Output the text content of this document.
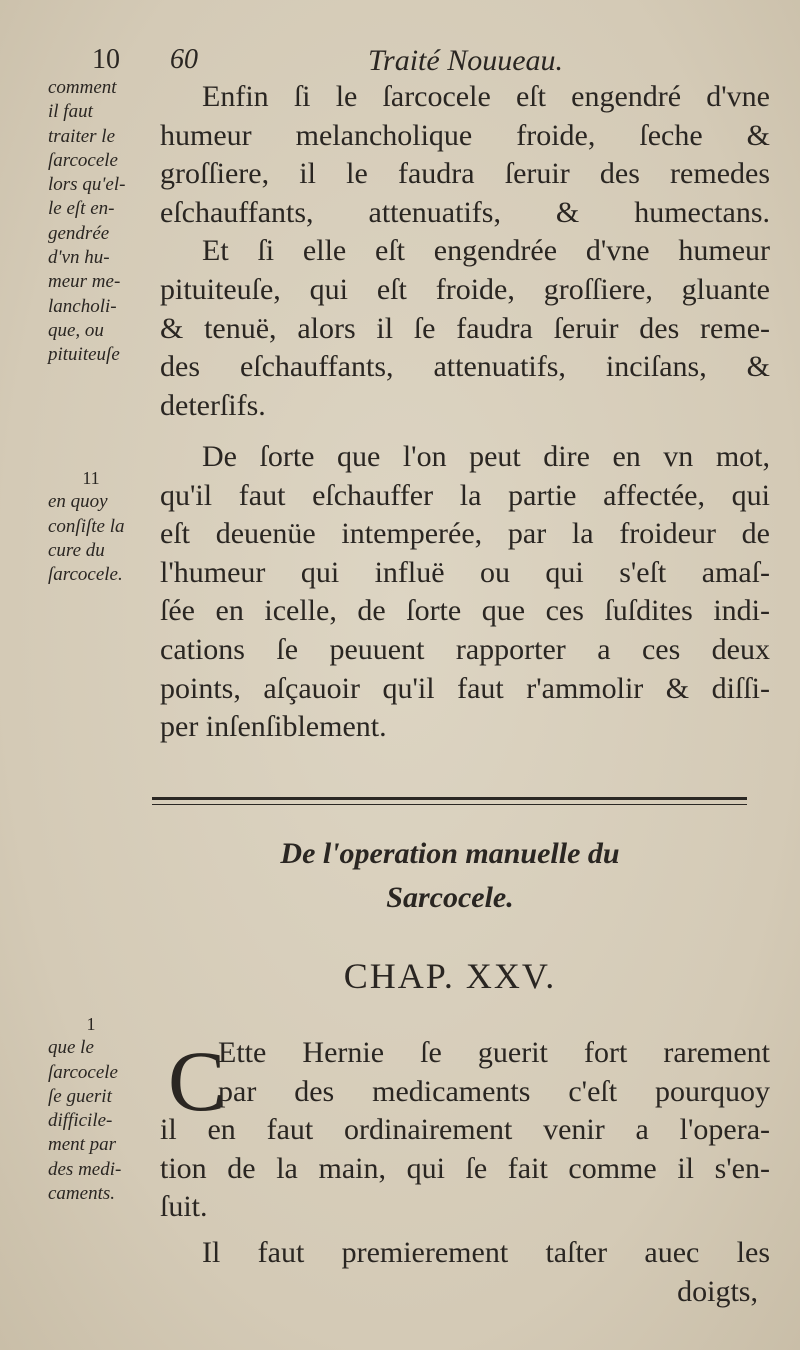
10 60	Traité Nouueau.
comment
il faut
traiter le
ſarcocele
lors qu'el-
le eſt en-
gendrée
d'vn hu-
meur me-
lancholi-
que, ou
pituiteuſe
11
en quoy
conſiſte la
cure du
ſarcocele.
Enfin ſi le ſarcocele eſt engendré d'vne
humeur melancholique froide, ſeche &
groſſiere, il le faudra ſeruir des remedes
eſchauffants, attenuatifs, & humectans.
Et ſi elle eſt engendrée d'vne humeur
pituiteuſe, qui eſt froide, groſſiere, gluante
& tenuë, alors il ſe faudra ſeruir des reme-
des eſchauffants, attenuatifs, inciſans, &
deterſifs.
De ſorte que l'on peut dire en vn mot,
qu'il faut eſchauffer la partie affectée, qui
eſt deuenüe intemperée, par la froideur de
l'humeur qui influë ou qui s'eſt amaſ-
ſée en icelle, de ſorte que ces ſuſdites indi-
cations ſe peuuent rapporter a ces deux
points, aſçauoir qu'il faut r'ammolir & diſſi-
per inſenſiblement.
De l'operation manuelle du
Sarcocele.
CHAP. XXV.
1
que le
ſarcocele
ſe guerit
difficile-
ment par
des medi-
caments.
C
Ette Hernie ſe guerit fort rarement
par des medicaments c'eſt pourquoy
il en faut ordinairement venir a l'opera-
tion de la main, qui ſe fait comme il s'en-
ſuit.
Il faut premierement taſter auec les
doigts,
